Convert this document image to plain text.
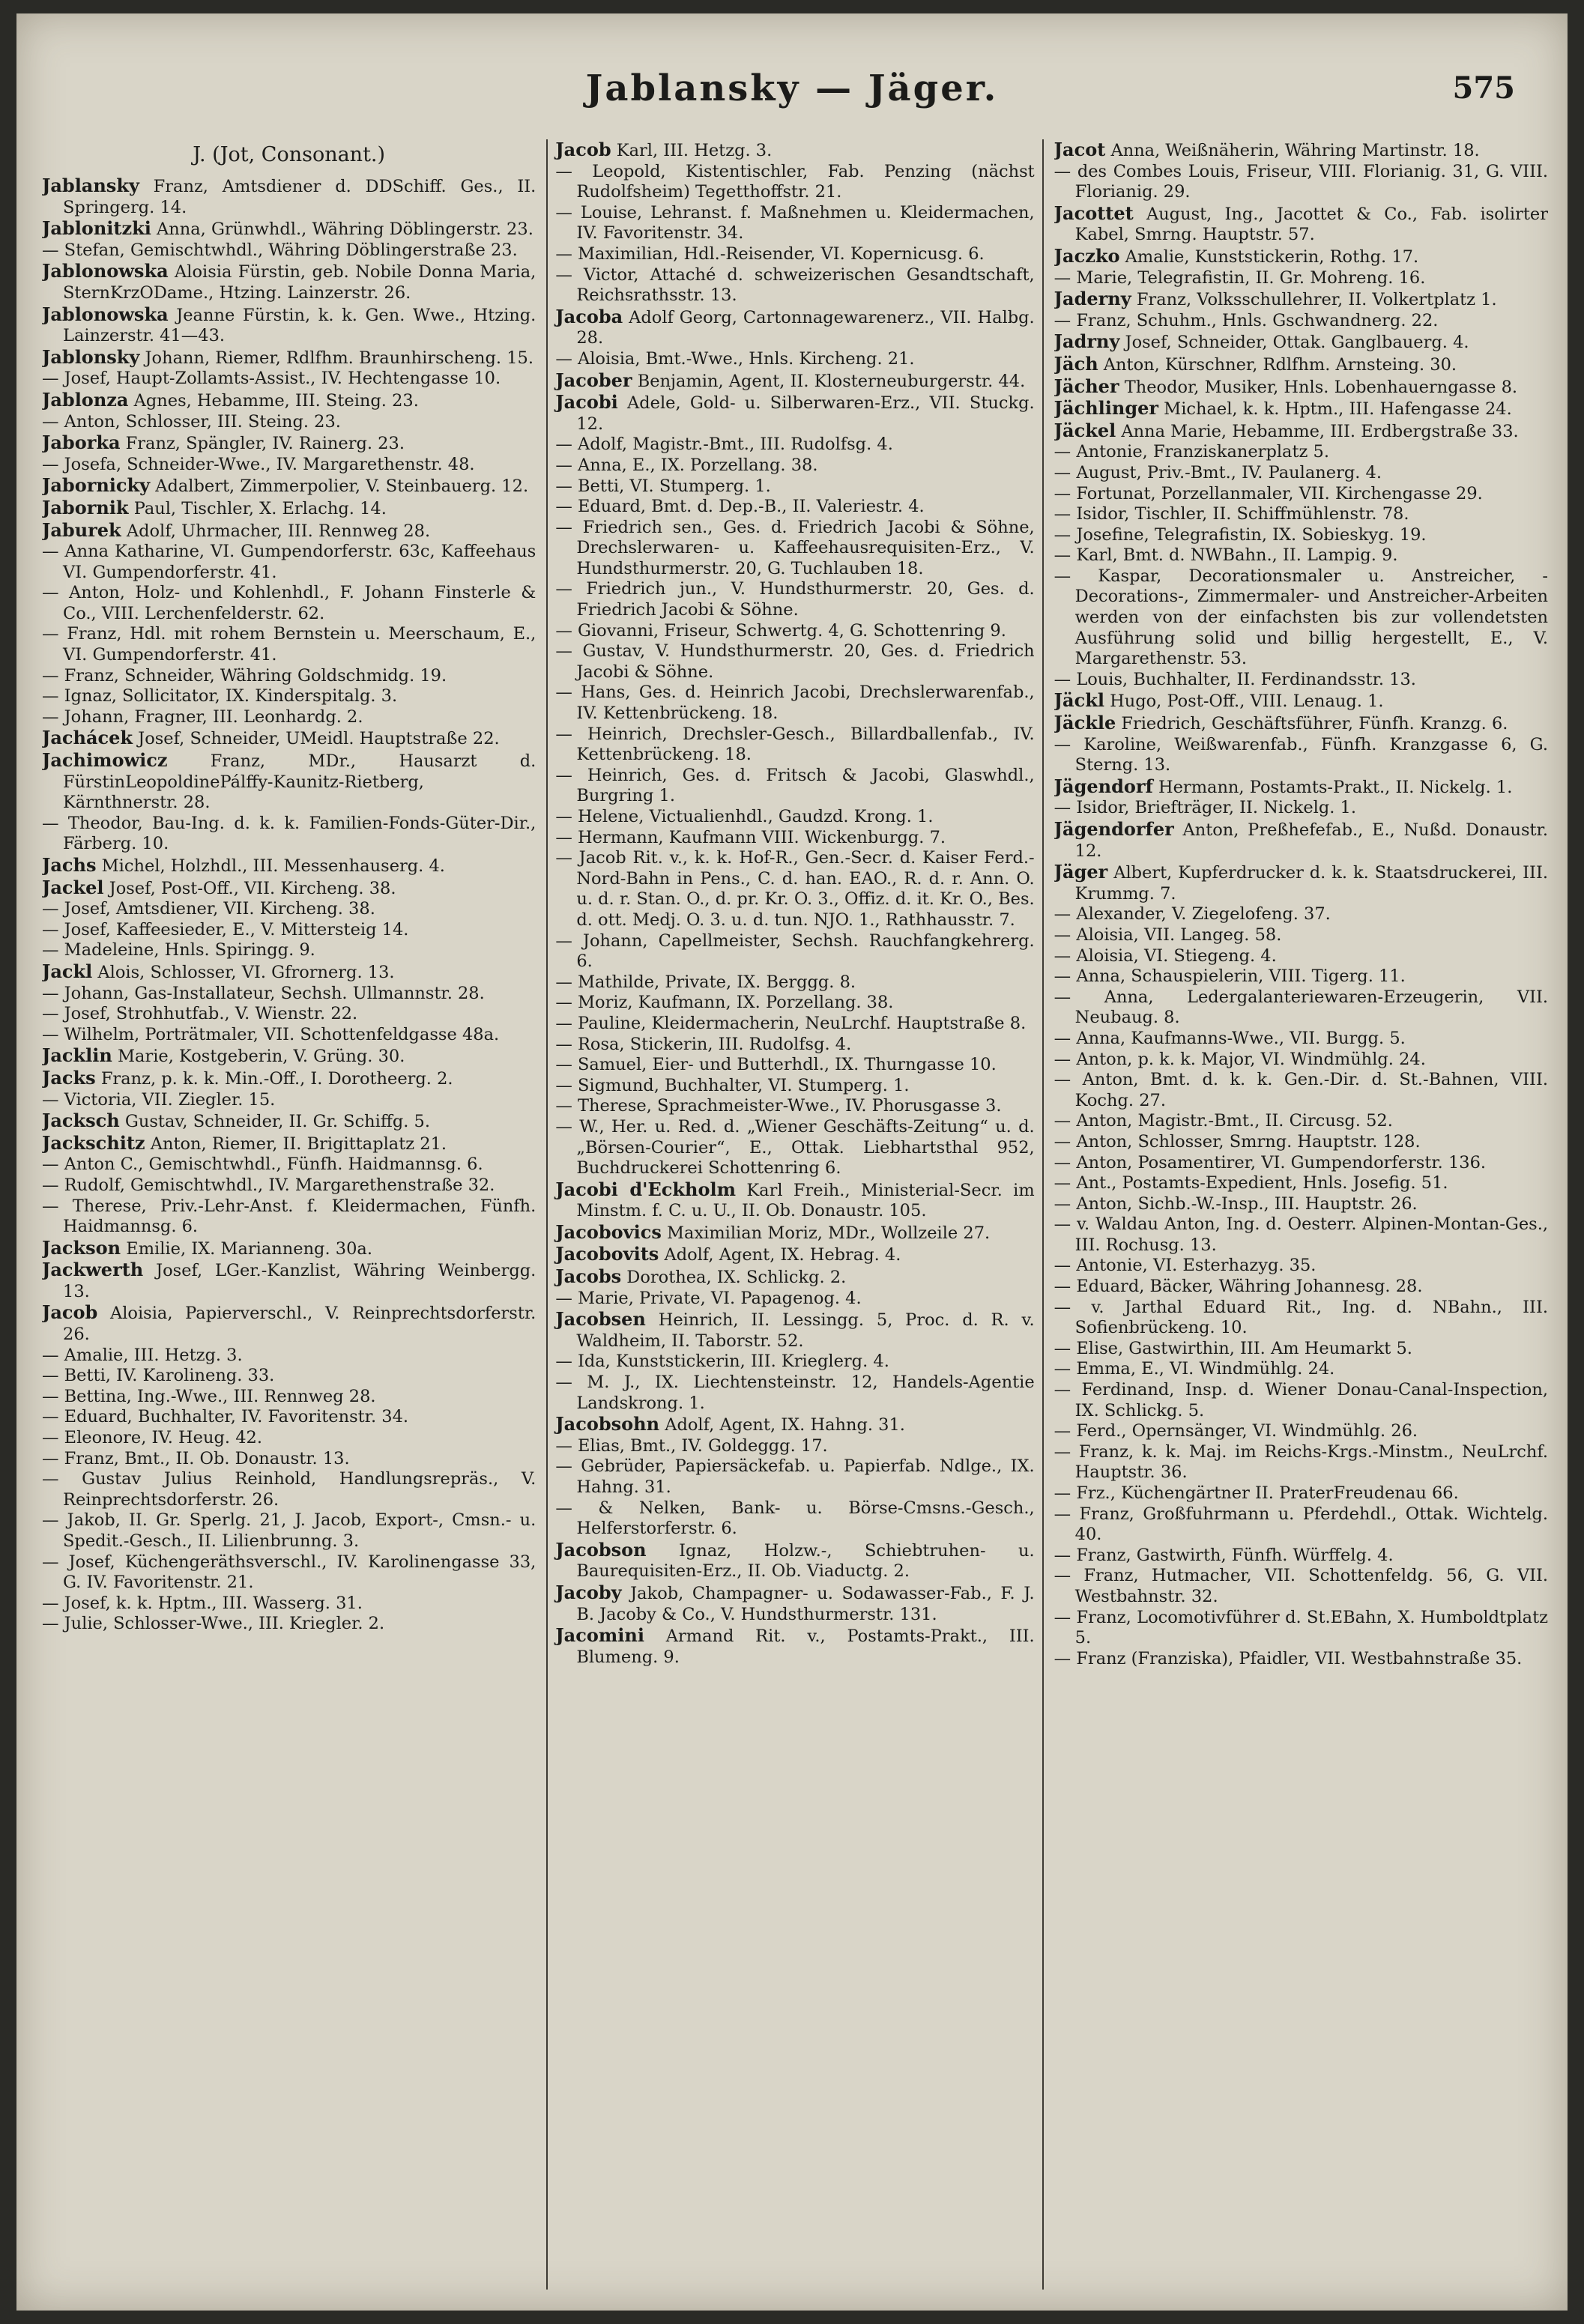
Jablansky — Jäger.	575
J. (Jot, Consonant.)
Jablansky Franz, Amtsdiener d. DDSchiff. Ges., II. Springerg. 14.
Jablonitzki Anna, Grünwhdl., Währing Döblingerstr. 23.
— Stefan, Gemischtwhdl., Währing Döblingerstraße 23.
Jablonowska Aloisia Fürstin, geb. Nobile Donna Maria, SternKrzODame., Htzing. Lainzerstr. 26.
Jablonowska Jeanne Fürstin, k. k. Gen. Wwe., Htzing. Lainzerstr. 41—43.
Jablonsky Johann, Riemer, Rdlfhm. Braunhirscheng. 15.
— Josef, Haupt-Zollamts-Assist., IV. Hechtengasse 10.
Jablonza Agnes, Hebamme, III. Steing. 23.
— Anton, Schlosser, III. Steing. 23.
Jaborka Franz, Spängler, IV. Rainerg. 23.
— Josefa, Schneider-Wwe., IV. Margarethenstr. 48.
Jabornicky Adalbert, Zimmerpolier, V. Steinbauerg. 12.
Jabornik Paul, Tischler, X. Erlachg. 14.
Jaburek Adolf, Uhrmacher, III. Rennweg 28.
— Anna Katharine, VI. Gumpendorferstr. 63c, Kaffeehaus VI. Gumpendorferstr. 41.
— Anton, Holz- und Kohlenhdl., F. Johann Finsterle & Co., VIII. Lerchenfelderstr. 62.
— Franz, Hdl. mit rohem Bernstein u. Meerschaum, E., VI. Gumpendorferstr. 41.
— Franz, Schneider, Währing Goldschmidg. 19.
— Ignaz, Sollicitator, IX. Kinderspitalg. 3.
— Johann, Fragner, III. Leonhardg. 2.
Jachácek Josef, Schneider, UMeidl. Hauptstraße 22.
Jachimowicz Franz, MDr., Hausarzt d. FürstinLeopoldinePálffy-Kaunitz-Rietberg, Kärnthnerstr. 28.
— Theodor, Bau-Ing. d. k. k. Familien-Fonds-Güter-Dir., Färberg. 10.
Jachs Michel, Holzhdl., III. Messenhauserg. 4.
Jackel Josef, Post-Off., VII. Kircheng. 38.
— Josef, Amtsdiener, VII. Kircheng. 38.
— Josef, Kaffeesieder, E., V. Mittersteig 14.
— Madeleine, Hnls. Spiringg. 9.
Jackl Alois, Schlosser, VI. Gfrornerg. 13.
— Johann, Gas-Installateur, Sechsh. Ullmannstr. 28.
— Josef, Strohhutfab., V. Wienstr. 22.
— Wilhelm, Porträtmaler, VII. Schottenfeldgasse 48a.
Jacklin Marie, Kostgeberin, V. Grüng. 30.
Jacks Franz, p. k. k. Min.-Off., I. Dorotheerg. 2.
— Victoria, VII. Ziegler. 15.
Jacksch Gustav, Schneider, II. Gr. Schiffg. 5.
Jackschitz Anton, Riemer, II. Brigittaplatz 21.
— Anton C., Gemischtwhdl., Fünfh. Haidmannsg. 6.
— Rudolf, Gemischtwhdl., IV. Margarethenstraße 32.
— Therese, Priv.-Lehr-Anst. f. Kleidermachen, Fünfh. Haidmannsg. 6.
Jackson Emilie, IX. Marianneng. 30a.
Jackwerth Josef, LGer.-Kanzlist, Währing Weinbergg. 13.
Jacob Aloisia, Papierverschl., V. Reinprechtsdorferstr. 26.
— Amalie, III. Hetzg. 3.
— Betti, IV. Karolineng. 33.
— Bettina, Ing.-Wwe., III. Rennweg 28.
— Eduard, Buchhalter, IV. Favoritenstr. 34.
— Eleonore, IV. Heug. 42.
— Franz, Bmt., II. Ob. Donaustr. 13.
— Gustav Julius Reinhold, Handlungsrepräs., V. Reinprechtsdorferstr. 26.
— Jakob, II. Gr. Sperlg. 21, J. Jacob, Export-, Cmsn.- u. Spedit.-Gesch., II. Lilienbrunng. 3.
— Josef, Küchengeräthsverschl., IV. Karolinengasse 33, G. IV. Favoritenstr. 21.
— Josef, k. k. Hptm., III. Wasserg. 31.
— Julie, Schlosser-Wwe., III. Kriegler. 2.
Jacob Karl, III. Hetzg. 3.
— Leopold, Kistentischler, Fab. Penzing (nächst Rudolfsheim) Tegetthoffstr. 21.
— Louise, Lehranst. f. Maßnehmen u. Kleidermachen, IV. Favoritenstr. 34.
— Maximilian, Hdl.-Reisender, VI. Kopernicusg. 6.
— Victor, Attaché d. schweizerischen Gesandtschaft, Reichsrathsstr. 13.
Jacoba Adolf Georg, Cartonnagewarenerz., VII. Halbg. 28.
— Aloisia, Bmt.-Wwe., Hnls. Kircheng. 21.
Jacober Benjamin, Agent, II. Klosterneuburgerstr. 44.
Jacobi Adele, Gold- u. Silberwaren-Erz., VII. Stuckg. 12.
— Adolf, Magistr.-Bmt., III. Rudolfsg. 4.
— Anna, E., IX. Porzellang. 38.
— Betti, VI. Stumperg. 1.
— Eduard, Bmt. d. Dep.-B., II. Valeriestr. 4.
— Friedrich sen., Ges. d. Friedrich Jacobi & Söhne, Drechslerwaren- u. Kaffeehausrequisiten-Erz., V. Hundsthurmerstr. 20, G. Tuchlauben 18.
— Friedrich jun., V. Hundsthurmerstr. 20, Ges. d. Friedrich Jacobi & Söhne.
— Giovanni, Friseur, Schwertg. 4, G. Schottenring 9.
— Gustav, V. Hundsthurmerstr. 20, Ges. d. Friedrich Jacobi & Söhne.
— Hans, Ges. d. Heinrich Jacobi, Drechslerwarenfab., IV. Kettenbrückeng. 18.
— Heinrich, Drechsler-Gesch., Billardballenfab., IV. Kettenbrückeng. 18.
— Heinrich, Ges. d. Fritsch & Jacobi, Glaswhdl., Burgring 1.
— Helene, Victualienhdl., Gaudzd. Krong. 1.
— Hermann, Kaufmann VIII. Wickenburgg. 7.
— Jacob Rit. v., k. k. Hof-R., Gen.-Secr. d. Kaiser Ferd.-Nord-Bahn in Pens., C. d. han. EAO., R. d. r. Ann. O. u. d. r. Stan. O., d. pr. Kr. O. 3., Offiz. d. it. Kr. O., Bes. d. ott. Medj. O. 3. u. d. tun. NJO. 1., Rathhausstr. 7.
— Johann, Capellmeister, Sechsh. Rauchfangkehrerg. 6.
— Mathilde, Private, IX. Berggg. 8.
— Moriz, Kaufmann, IX. Porzellang. 38.
— Pauline, Kleidermacherin, NeuLrchf. Hauptstraße 8.
— Rosa, Stickerin, III. Rudolfsg. 4.
— Samuel, Eier- und Butterhdl., IX. Thurngasse 10.
— Sigmund, Buchhalter, VI. Stumperg. 1.
— Therese, Sprachmeister-Wwe., IV. Phorusgasse 3.
— W., Her. u. Red. d. „Wiener Geschäfts-Zeitung“ u. d. „Börsen-Courier“, E., Ottak. Liebhartsthal 952, Buchdruckerei Schottenring 6.
Jacobi d'Eckholm Karl Freih., Ministerial-Secr. im Minstm. f. C. u. U., II. Ob. Donaustr. 105.
Jacobovics Maximilian Moriz, MDr., Wollzeile 27.
Jacobovits Adolf, Agent, IX. Hebrag. 4.
Jacobs Dorothea, IX. Schlickg. 2.
— Marie, Private, VI. Papagenog. 4.
Jacobsen Heinrich, II. Lessingg. 5, Proc. d. R. v. Waldheim, II. Taborstr. 52.
— Ida, Kunststickerin, III. Krieglerg. 4.
— M. J., IX. Liechtensteinstr. 12, Handels-Agentie Landskrong. 1.
Jacobsohn Adolf, Agent, IX. Hahng. 31.
— Elias, Bmt., IV. Goldeggg. 17.
— Gebrüder, Papiersäckefab. u. Papierfab. Ndlge., IX. Hahng. 31.
— & Nelken, Bank- u. Börse-Cmsns.-Gesch., Helferstorferstr. 6.
Jacobson Ignaz, Holzw.-, Schiebtruhen- u. Baurequisiten-Erz., II. Ob. Viaductg. 2.
Jacoby Jakob, Champagner- u. Sodawasser-Fab., F. J. B. Jacoby & Co., V. Hundsthurmerstr. 131.
Jacomini Armand Rit. v., Postamts-Prakt., III. Blumeng. 9.
Jacot Anna, Weißnäherin, Währing Martinstr. 18.
— des Combes Louis, Friseur, VIII. Florianig. 31, G. VIII. Florianig. 29.
Jacottet August, Ing., Jacottet & Co., Fab. isolirter Kabel, Smrng. Hauptstr. 57.
Jaczko Amalie, Kunststickerin, Rothg. 17.
— Marie, Telegrafistin, II. Gr. Mohreng. 16.
Jaderny Franz, Volksschullehrer, II. Volkertplatz 1.
— Franz, Schuhm., Hnls. Gschwandnerg. 22.
Jadrny Josef, Schneider, Ottak. Ganglbauerg. 4.
Jäch Anton, Kürschner, Rdlfhm. Arnsteing. 30.
Jächer Theodor, Musiker, Hnls. Lobenhauerngasse 8.
Jächlinger Michael, k. k. Hptm., III. Hafengasse 24.
Jäckel Anna Marie, Hebamme, III. Erdbergstraße 33.
— Antonie, Franziskanerplatz 5.
— August, Priv.-Bmt., IV. Paulanerg. 4.
— Fortunat, Porzellanmaler, VII. Kirchengasse 29.
— Isidor, Tischler, II. Schiffmühlenstr. 78.
— Josefine, Telegrafistin, IX. Sobieskyg. 19.
— Karl, Bmt. d. NWBahn., II. Lampig. 9.
— Kaspar, Decorationsmaler u. Anstreicher, -Decorations-, Zimmermaler- und Anstreicher-Arbeiten werden von der einfachsten bis zur vollendetsten Ausführung solid und billig hergestellt, E., V. Margarethenstr. 53.
— Louis, Buchhalter, II. Ferdinandsstr. 13.
Jäckl Hugo, Post-Off., VIII. Lenaug. 1.
Jäckle Friedrich, Geschäftsführer, Fünfh. Kranzg. 6.
— Karoline, Weißwarenfab., Fünfh. Kranzgasse 6, G. Sterng. 13.
Jägendorf Hermann, Postamts-Prakt., II. Nickelg. 1.
— Isidor, Briefträger, II. Nickelg. 1.
Jägendorfer Anton, Preßhefefab., E., Nußd. Donaustr. 12.
Jäger Albert, Kupferdrucker d. k. k. Staatsdruckerei, III. Krummg. 7.
— Alexander, V. Ziegelofeng. 37.
— Aloisia, VII. Langeg. 58.
— Aloisia, VI. Stiegeng. 4.
— Anna, Schauspielerin, VIII. Tigerg. 11.
— Anna, Ledergalanteriewaren-Erzeugerin, VII. Neubaug. 8.
— Anna, Kaufmanns-Wwe., VII. Burgg. 5.
— Anton, p. k. k. Major, VI. Windmühlg. 24.
— Anton, Bmt. d. k. k. Gen.-Dir. d. St.-Bahnen, VIII. Kochg. 27.
— Anton, Magistr.-Bmt., II. Circusg. 52.
— Anton, Schlosser, Smrng. Hauptstr. 128.
— Anton, Posamentirer, VI. Gumpendorferstr. 136.
— Ant., Postamts-Expedient, Hnls. Josefig. 51.
— Anton, Sichb.-W.-Insp., III. Hauptstr. 26.
— v. Waldau Anton, Ing. d. Oesterr. Alpinen-Montan-Ges., III. Rochusg. 13.
— Antonie, VI. Esterhazyg. 35.
— Eduard, Bäcker, Währing Johannesg. 28.
— v. Jarthal Eduard Rit., Ing. d. NBahn., III. Sofienbrückeng. 10.
— Elise, Gastwirthin, III. Am Heumarkt 5.
— Emma, E., VI. Windmühlg. 24.
— Ferdinand, Insp. d. Wiener Donau-Canal-Inspection, IX. Schlickg. 5.
— Ferd., Opernsänger, VI. Windmühlg. 26.
— Franz, k. k. Maj. im Reichs-Krgs.-Minstm., NeuLrchf. Hauptstr. 36.
— Frz., Küchengärtner II. PraterFreudenau 66.
— Franz, Großfuhrmann u. Pferdehdl., Ottak. Wichtelg. 40.
— Franz, Gastwirth, Fünfh. Würffelg. 4.
— Franz, Hutmacher, VII. Schottenfeldg. 56, G. VII. Westbahnstr. 32.
— Franz, Locomotivführer d. St.EBahn, X. Humboldtplatz 5.
— Franz (Franziska), Pfaidler, VII. Westbahnstraße 35.
